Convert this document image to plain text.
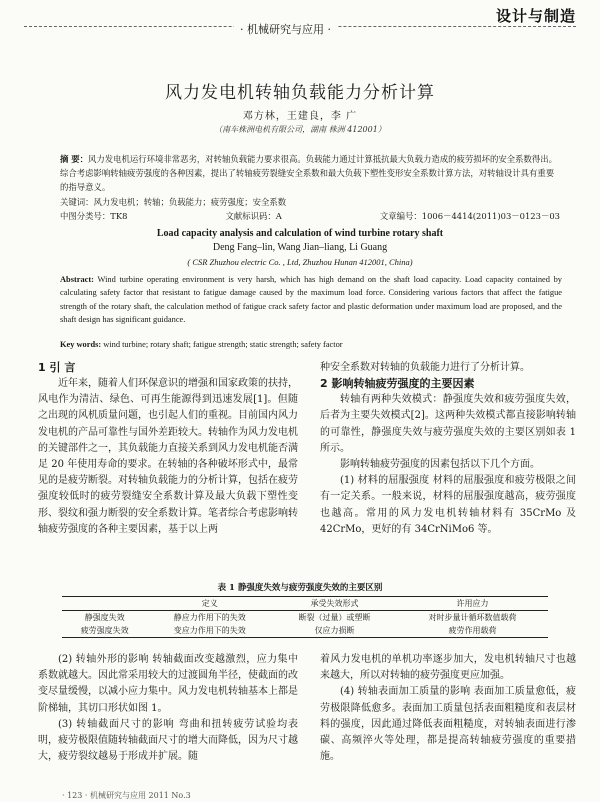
设计与制造
· 机械研究与应用 ·
风力发电机转轴负载能力分析计算
邓方林，王建良，李 广
（南车株洲电机有限公司，湖南 株洲 412001）
摘 要：风力发电机运行环境非常恶劣，对转轴负载能力要求很高。负载能力通过计算抵抗最大负载力造成的疲劳损坏的安全系数得出。综合考虑影响转轴疲劳强度的各种因素，提出了转轴疲劳裂缝安全系数和最大负载下塑性变形安全系数计算方法，对转轴设计具有重要的指导意义。
关键词：风力发电机；转轴；负载能力；疲劳强度；安全系数
中图分类号：TK8	文献标识码：A	文章编号：1006－4414(2011)03－0123－03
Load capacity analysis and calculation of wind turbine rotary shaft
Deng Fang–lin, Wang Jian–liang, Li Guang
( CSR Zhuzhou electric Co. , Ltd, Zhuzhou Hunan 412001, China)
Abstract: Wind turbine operating environment is very harsh, which has high demand on the shaft load capacity. Load capacity contained by calculating safety factor that resistant to fatigue damage caused by the maximum load force. Considering various factors that affect the fatigue strength of the rotary shaft, the calculation method of fatigue crack safety factor and plastic deformation under maximum load are proposed, and the shaft design has significant guidance.
Key words: wind turbine; rotary shaft; fatigue strength; static strength; safety factor
1 引 言

近年来，随着人们环保意识的增强和国家政策的扶持，风电作为清洁、绿色、可再生能源得到迅速发展[1]。但随之出现的风机质量问题，也引起人们的重视。目前国内风力发电机的产品可靠性与国外差距较大。转轴作为风力发电机的关键部件之一，其负载能力直接关系到风力发电机能否满足 20 年使用寿命的要求。在转轴的各种破坏形式中，最常见的是疲劳断裂。对转轴负载能力的分析计算，包括在疲劳强度较低时的疲劳裂缝安全系数计算及最大负载下塑性变形、裂纹和强力断裂的安全系数计算。笔者综合考虑影响转轴疲劳强度的各种主要因素，基于以上两

种安全系数对转轴的负载能力进行了分析计算。

2 影响转轴疲劳强度的主要因素

转轴有两种失效模式：静强度失效和疲劳强度失效，后者为主要失效模式[2]。这两种失效模式都直接影响转轴的可靠性，静强度失效与疲劳强度失效的主要区别如表 1 所示。

影响转轴疲劳强度的因素包括以下几个方面。

(1) 材料的屈服强度 材料的屈服强度和疲劳极限之间有一定关系。一般来说，材料的屈服强度越高，疲劳强度也越高。常用的风力发电机转轴材料有 35CrMo 及 42CrMo，更好的有 34CrNiMo6 等。

表 1 静强度失效与疲劳强度失效的主要区别
	定义	承受失效形式	许用应力
静强度失效	静应力作用下的失效	断裂（过量）或塑断	对时步量计循环数值载荷
疲劳强度失效	变应力作用下的失效	仅应力损断	疲劳作用载荷

(2) 转轴外形的影响 转轴截面改变越激烈，应力集中系数就越大。因此常采用较大的过渡圆角半径，使截面的改变尽量缓慢，以减小应力集中。风力发电机转轴基本上都是阶梯轴，其切口形状如图 1。

(3) 转轴截面尺寸的影响 弯曲和扭转疲劳试验均表明，疲劳极限值随转轴截面尺寸的增大而降低，因为尺寸越大，疲劳裂纹越易于形成并扩展。随

着风力发电机的单机功率逐步加大，发电机转轴尺寸也越来越大，所以对转轴的疲劳强度更应加强。

(4) 转轴表面加工质量的影响 表面加工质量愈低，疲劳极限降低愈多。表面加工质量包括表面粗糙度和表层材料的强度，因此通过降低表面粗糙度，对转轴表面进行渗碳、高频淬火等处理，都是提高转轴疲劳强度的重要措施。

· 123 · 机械研究与应用 2011 No.3
